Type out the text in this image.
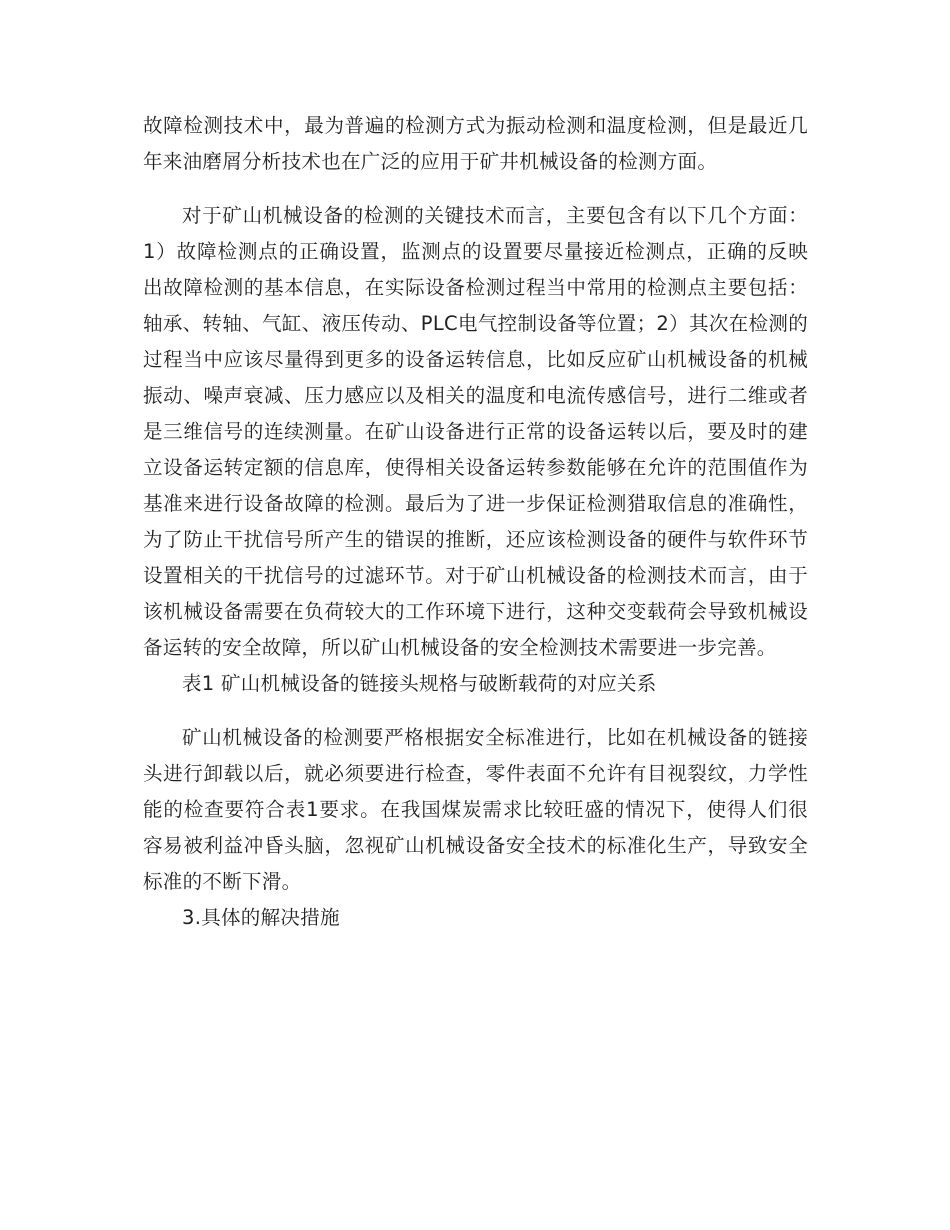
故障检测技术中，最为普遍的检测方式为振动检测和温度检测，但是最近几年来油磨屑分析技术也在广泛的应用于矿井机械设备的检测方面。

对于矿山机械设备的检测的关键技术而言，主要包含有以下几个方面：1）故障检测点的正确设置，监测点的设置要尽量接近检测点，正确的反映出故障检测的基本信息，在实际设备检测过程当中常用的检测点主要包括：轴承、转轴、气缸、液压传动、PLC电气控制设备等位置；2）其次在检测的过程当中应该尽量得到更多的设备运转信息，比如反应矿山机械设备的机械振动、噪声衰减、压力感应以及相关的温度和电流传感信号，进行二维或者是三维信号的连续测量。在矿山设备进行正常的设备运转以后，要及时的建立设备运转定额的信息库，使得相关设备运转参数能够在允许的范围值作为基准来进行设备故障的检测。最后为了进一步保证检测猎取信息的准确性，为了防止干扰信号所产生的错误的推断，还应该检测设备的硬件与软件环节设置相关的干扰信号的过滤环节。对于矿山机械设备的检测技术而言，由于该机械设备需要在负荷较大的工作环境下进行，这种交变载荷会导致机械设备运转的安全故障，所以矿山机械设备的安全检测技术需要进一步完善。

表1 矿山机械设备的链接头规格与破断载荷的对应关系

矿山机械设备的检测要严格根据安全标准进行，比如在机械设备的链接头进行卸载以后，就必须要进行检查，零件表面不允许有目视裂纹，力学性能的检查要符合表1要求。在我国煤炭需求比较旺盛的情况下，使得人们很容易被利益冲昏头脑，忽视矿山机械设备安全技术的标准化生产，导致安全标准的不断下滑。

3.具体的解决措施
